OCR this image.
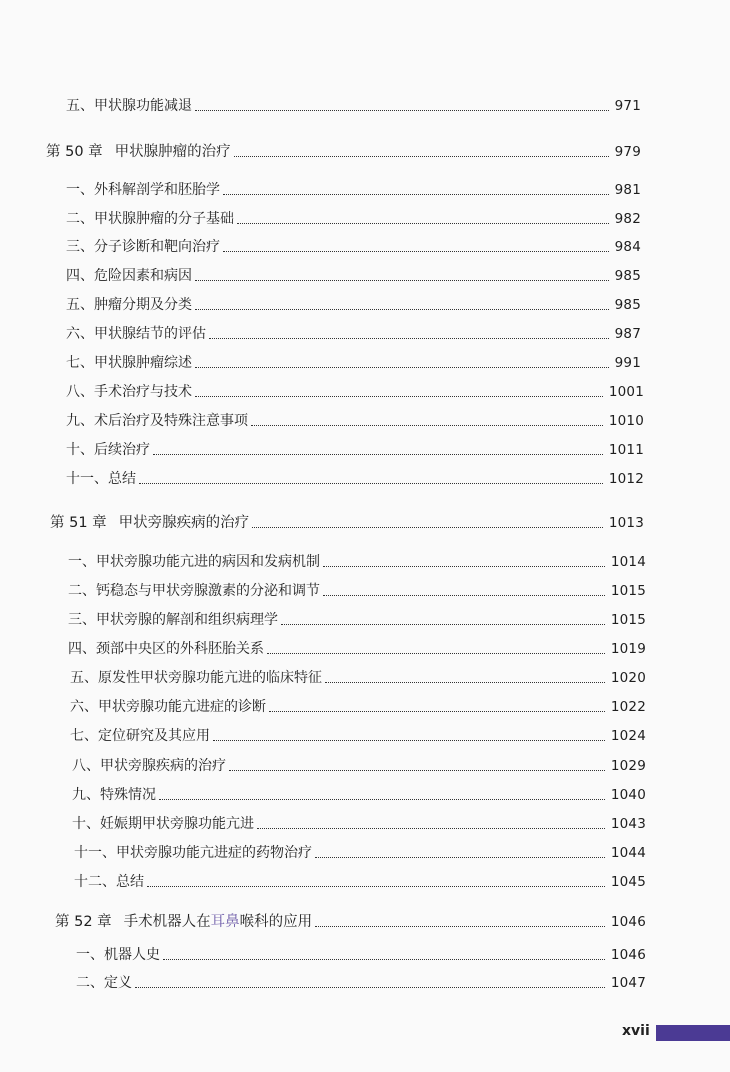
五、甲状腺功能减退	971
第 50 章 甲状腺肿瘤的治疗	979
一、外科解剖学和胚胎学	981
二、甲状腺肿瘤的分子基础	982
三、分子诊断和靶向治疗	984
四、危险因素和病因	985
五、肿瘤分期及分类	985
六、甲状腺结节的评估	987
七、甲状腺肿瘤综述	991
八、手术治疗与技术	1001
九、术后治疗及特殊注意事项	1010
十、后续治疗	1011
十一、总结	1012
第 51 章 甲状旁腺疾病的治疗	1013
一、甲状旁腺功能亢进的病因和发病机制	1014
二、钙稳态与甲状旁腺激素的分泌和调节	1015
三、甲状旁腺的解剖和组织病理学	1015
四、颈部中央区的外科胚胎关系	1019
五、原发性甲状旁腺功能亢进的临床特征	1020
六、甲状旁腺功能亢进症的诊断	1022
七、定位研究及其应用	1024
八、甲状旁腺疾病的治疗	1029
九、特殊情况	1040
十、妊娠期甲状旁腺功能亢进	1043
十一、甲状旁腺功能亢进症的药物治疗	1044
十二、总结	1045
第 52 章 手术机器人在耳鼻喉科的应用	1046
一、机器人史	1046
二、定义	1047
xvii
